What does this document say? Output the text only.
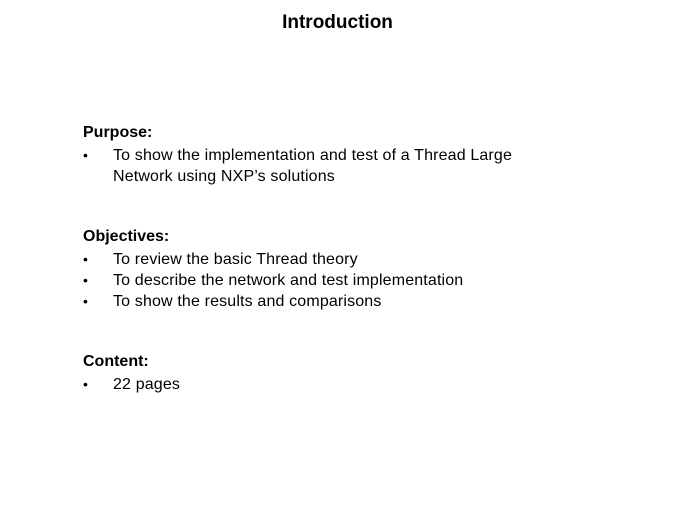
Introduction
Purpose:
•	To show the implementation and test of a Thread Large Network using NXP’s solutions
Objectives:
•	To review the basic Thread theory
•	To describe the network and test implementation
•	To show the results and comparisons
Content:
•	22 pages
